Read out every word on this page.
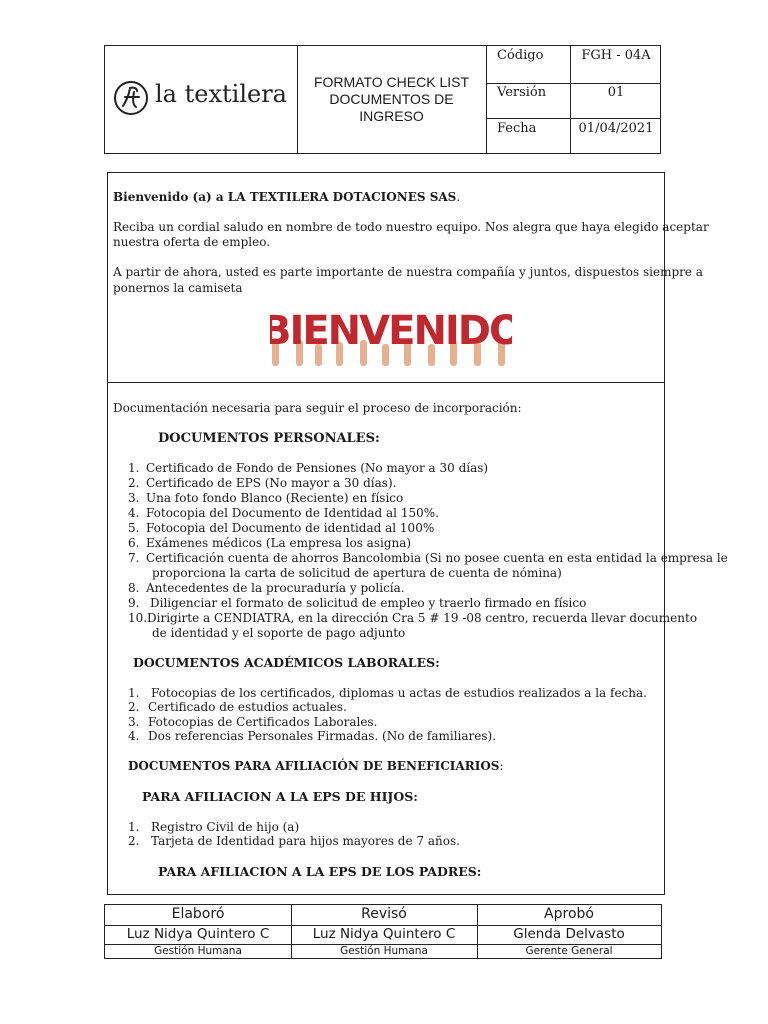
la textilera	FORMATO CHECK LIST DOCUMENTOS DE INGRESO
Código	FGH - 04A
Versión	01
Fecha	01/04/2021
Bienvenido (a) a LA TEXTILERA DOTACIONES SAS.
Reciba un cordial saludo en nombre de todo nuestro equipo. Nos alegra que haya elegido aceptar
nuestra oferta de empleo.
A partir de ahora, usted es parte importante de nuestra compañía y juntos, dispuestos siempre a
ponernos la camiseta
BIENVENIDO
Documentación necesaria para seguir el proceso de incorporación:
DOCUMENTOS PERSONALES:
1. Certificado de Fondo de Pensiones (No mayor a 30 días)
2. Certificado de EPS (No mayor a 30 días).
3. Una foto fondo Blanco (Reciente) en físico
4. Fotocopia del Documento de Identidad al 150%.
5. Fotocopia del Documento de identidad al 100%
6. Exámenes médicos (La empresa los asigna)
7. Certificación cuenta de ahorros Bancolombia (Si no posee cuenta en esta entidad la empresa le
proporciona la carta de solicitud de apertura de cuenta de nómina)
8. Antecedentes de la procuraduría y policía.
9. Diligenciar el formato de solicitud de empleo y traerlo firmado en físico
10. Dirigirte a CENDIATRA, en la dirección Cra 5 # 19 -08 centro, recuerda llevar documento
de identidad y el soporte de pago adjunto
DOCUMENTOS ACADÉMICOS LABORALES:
1. Fotocopias de los certificados, diplomas u actas de estudios realizados a la fecha.
2. Certificado de estudios actuales.
3. Fotocopias de Certificados Laborales.
4. Dos referencias Personales Firmadas. (No de familiares).
DOCUMENTOS PARA AFILIACIÓN DE BENEFICIARIOS:
PARA AFILIACION A LA EPS DE HIJOS:
1. Registro Civil de hijo (a)
2. Tarjeta de Identidad para hijos mayores de 7 años.
PARA AFILIACION A LA EPS DE LOS PADRES:
Elaboró	Revisó	Aprobó
Luz Nidya Quintero C	Luz Nidya Quintero C	Glenda Delvasto
Gestión Humana	Gestión Humana	Gerente General
